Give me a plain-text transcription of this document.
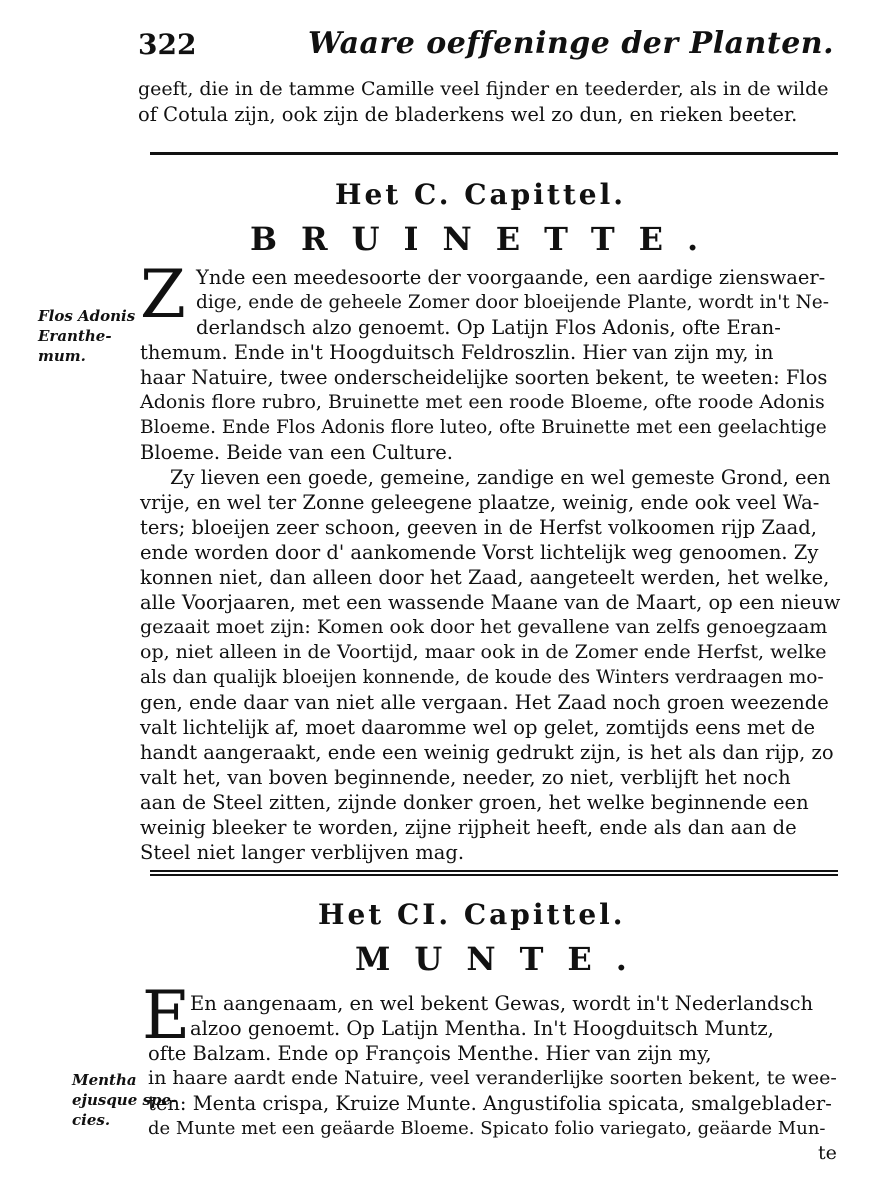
322	Waare oeffeninge der Planten.
geeft, die in de tamme Camille veel fijnder en teederder, als in de wilde
of Cotula zijn, ook zijn de bladerkens wel zo dun, en rieken beeter.
Het C. Capittel.
BRUINETTE.
Flos Adonis
Eranthe-
mum.
Z Ynde een meedesoorte der voorgaande, een aardige zienswaer-
dige, ende de geheele Zomer door bloeijende Plante, wordt in't Ne-
derlandsch alzo genoemt. Op Latijn Flos Adonis, ofte Eran-
themum. Ende in't Hoogduitsch Feldroszlin. Hier van zijn my, in
haar Natuire, twee onderscheidelijke soorten bekent, te weeten: Flos
Adonis flore rubro, Bruinette met een roode Bloeme, ofte roode Adonis
Bloeme. Ende Flos Adonis flore luteo, ofte Bruinette met een geelachtige
Bloeme. Beide van een Culture.
Zy lieven een goede, gemeine, zandige en wel gemeste Grond, een
vrije, en wel ter Zonne geleegene plaatze, weinig, ende ook veel Wa-
ters; bloeijen zeer schoon, geeven in de Herfst volkoomen rijp Zaad,
ende worden door d' aankomende Vorst lichtelijk weg genoomen. Zy
konnen niet, dan alleen door het Zaad, aangeteelt werden, het welke,
alle Voorjaaren, met een wassende Maane van de Maart, op een nieuw
gezaait moet zijn: Komen ook door het gevallene van zelfs genoegzaam
op, niet alleen in de Voortijd, maar ook in de Zomer ende Herfst, welke
als dan qualijk bloeijen konnende, de koude des Winters verdraagen mo-
gen, ende daar van niet alle vergaan. Het Zaad noch groen weezende
valt lichtelijk af, moet daaromme wel op gelet, zomtijds eens met de
handt aangeraakt, ende een weinig gedrukt zijn, is het als dan rijp, zo
valt het, van boven beginnende, needer, zo niet, verblijft het noch
aan de Steel zitten, zijnde donker groen, het welke beginnende een
weinig bleeker te worden, zijne rijpheit heeft, ende als dan aan de
Steel niet langer verblijven mag.
Het CI. Capittel.
MUNTE.
E En aangenaam, en wel bekent Gewas, wordt in't Nederlandsch
alzoo genoemt. Op Latijn Mentha. In't Hoogduitsch Muntz,
ofte Balzam. Ende op François Menthe. Hier van zijn my,
in haare aardt ende Natuire, veel veranderlijke soorten bekent, te wee-
ten: Menta crispa, Kruize Munte. Angustifolia spicata, smalgeblader-
de Munte met een geäarde Bloeme. Spicato folio variegato, geäarde Mun-
Mentha
ejusque spe-
cies.
te
